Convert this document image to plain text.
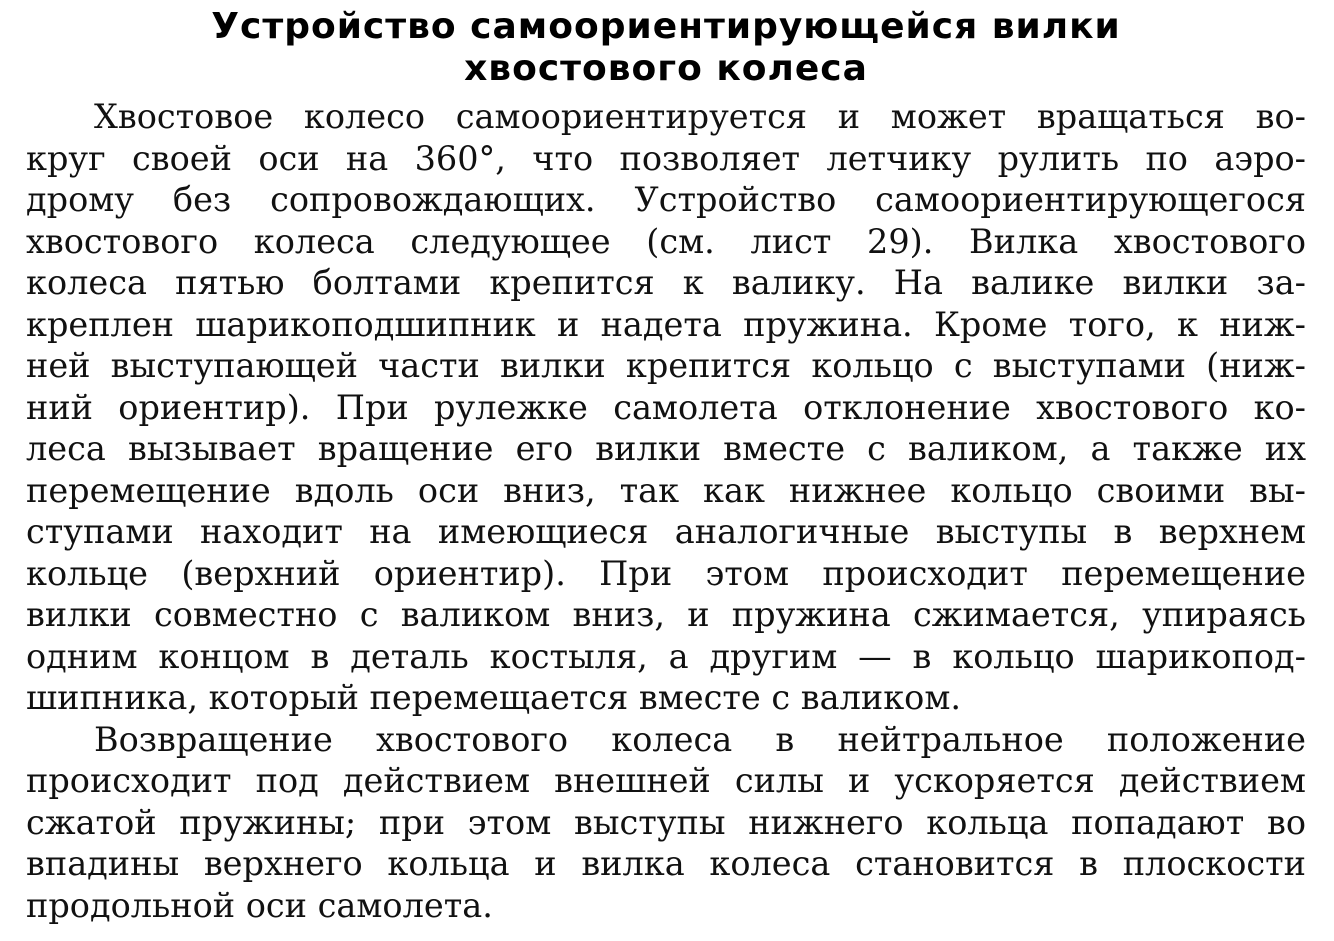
Устройство самоориентирующейся вилки
хвостового колеса

Хвостовое колесо самоориентируется и может вращаться во-
круг своей оси на 360°, что позволяет летчику рулить по аэро-
дрому без сопровождающих. Устройство самоориентирующегося
хвостового колеса следующее (см. лист 29). Вилка хвостового
колеса пятью болтами крепится к валику. На валике вилки за-
креплен шарикоподшипник и надета пружина. Кроме того, к ниж-
ней выступающей части вилки крепится кольцо с выступами (ниж-
ний ориентир). При рулежке самолета отклонение хвостового ко-
леса вызывает вращение его вилки вместе с валиком, а также их
перемещение вдоль оси вниз, так как нижнее кольцо своими вы-
ступами находит на имеющиеся аналогичные выступы в верхнем
кольце (верхний ориентир). При этом происходит перемещение
вилки совместно с валиком вниз, и пружина сжимается, упираясь
одним концом в деталь костыля, а другим — в кольцо шарикопод-
шипника, который перемещается вместе с валиком.

Возвращение хвостового колеса в нейтральное положение
происходит под действием внешней силы и ускоряется действием
сжатой пружины; при этом выступы нижнего кольца попадают во
впадины верхнего кольца и вилка колеса становится в плоскости
продольной оси самолета.
